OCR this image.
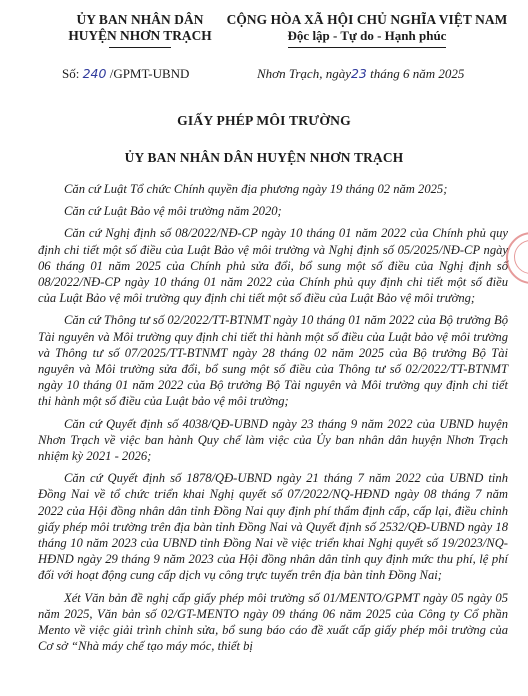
ỦY BAN NHÂN DÂN
HUYỆN NHƠN TRẠCH
CỘNG HÒA XÃ HỘI CHỦ NGHĨA VIỆT NAM
Độc lập - Tự do - Hạnh phúc
Số: 240 /GPMT-UBND	Nhơn Trạch, ngày23 tháng 6 năm 2025
GIẤY PHÉP MÔI TRƯỜNG
ỦY BAN NHÂN DÂN HUYỆN NHƠN TRẠCH

Căn cứ Luật Tổ chức Chính quyền địa phương ngày 19 tháng 02 năm 2025;

Căn cứ Luật Bảo vệ môi trường năm 2020;

Căn cứ Nghị định số 08/2022/NĐ-CP ngày 10 tháng 01 năm 2022 của Chính phủ quy định chi tiết một số điều của Luật Bảo vệ môi trường và Nghị định số 05/2025/NĐ-CP ngày 06 tháng 01 năm 2025 của Chính phủ sửa đổi, bổ sung một số điều của Nghị định số 08/2022/NĐ-CP ngày 10 tháng 01 năm 2022 của Chính phủ quy định chi tiết một số điều của Luật Bảo vệ môi trường quy định chi tiết một số điều của Luật Bảo vệ môi trường;

Căn cứ Thông tư số 02/2022/TT-BTNMT ngày 10 tháng 01 năm 2022 của Bộ trưởng Bộ Tài nguyên và Môi trường quy định chi tiết thi hành một số điều của Luật bảo vệ môi trường và Thông tư số 07/2025/TT-BTNMT ngày 28 tháng 02 năm 2025 của Bộ trưởng Bộ Tài nguyên và Môi trường sửa đổi, bổ sung một số điều của Thông tư số 02/2022/TT-BTNMT ngày 10 tháng 01 năm 2022 của Bộ trưởng Bộ Tài nguyên và Môi trường quy định chi tiết thi hành một số điều của Luật bảo vệ môi trường;

Căn cứ Quyết định số 4038/QĐ-UBND ngày 23 tháng 9 năm 2022 của UBND huyện Nhơn Trạch về việc ban hành Quy chế làm việc của Ủy ban nhân dân huyện Nhơn Trạch nhiệm kỳ 2021 - 2026;

Căn cứ Quyết định số 1878/QĐ-UBND ngày 21 tháng 7 năm 2022 của UBND tỉnh Đồng Nai về tổ chức triển khai Nghị quyết số 07/2022/NQ-HĐND ngày 08 tháng 7 năm 2022 của Hội đồng nhân dân tỉnh Đồng Nai quy định phí thẩm định cấp, cấp lại, điều chỉnh giấy phép môi trường trên địa bàn tỉnh Đồng Nai và Quyết định số 2532/QĐ-UBND ngày 18 tháng 10 năm 2023 của UBND tỉnh Đồng Nai về việc triển khai Nghị quyết số 19/2023/NQ-HĐND ngày 29 tháng 9 năm 2023 của Hội đồng nhân dân tỉnh quy định mức thu phí, lệ phí đối với hoạt động cung cấp dịch vụ công trực tuyến trên địa bàn tỉnh Đồng Nai;

Xét Văn bản đề nghị cấp giấy phép môi trường số 01/MENTO/GPMT ngày 05 ngày 05 năm 2025, Văn bản số 02/GT-MENTO ngày 09 tháng 06 năm 2025 của Công ty Cổ phần Mento về việc giải trình chỉnh sửa, bổ sung báo cáo đề xuất cấp giấy phép môi trường của Cơ sở “Nhà máy chế tạo máy móc, thiết bị
